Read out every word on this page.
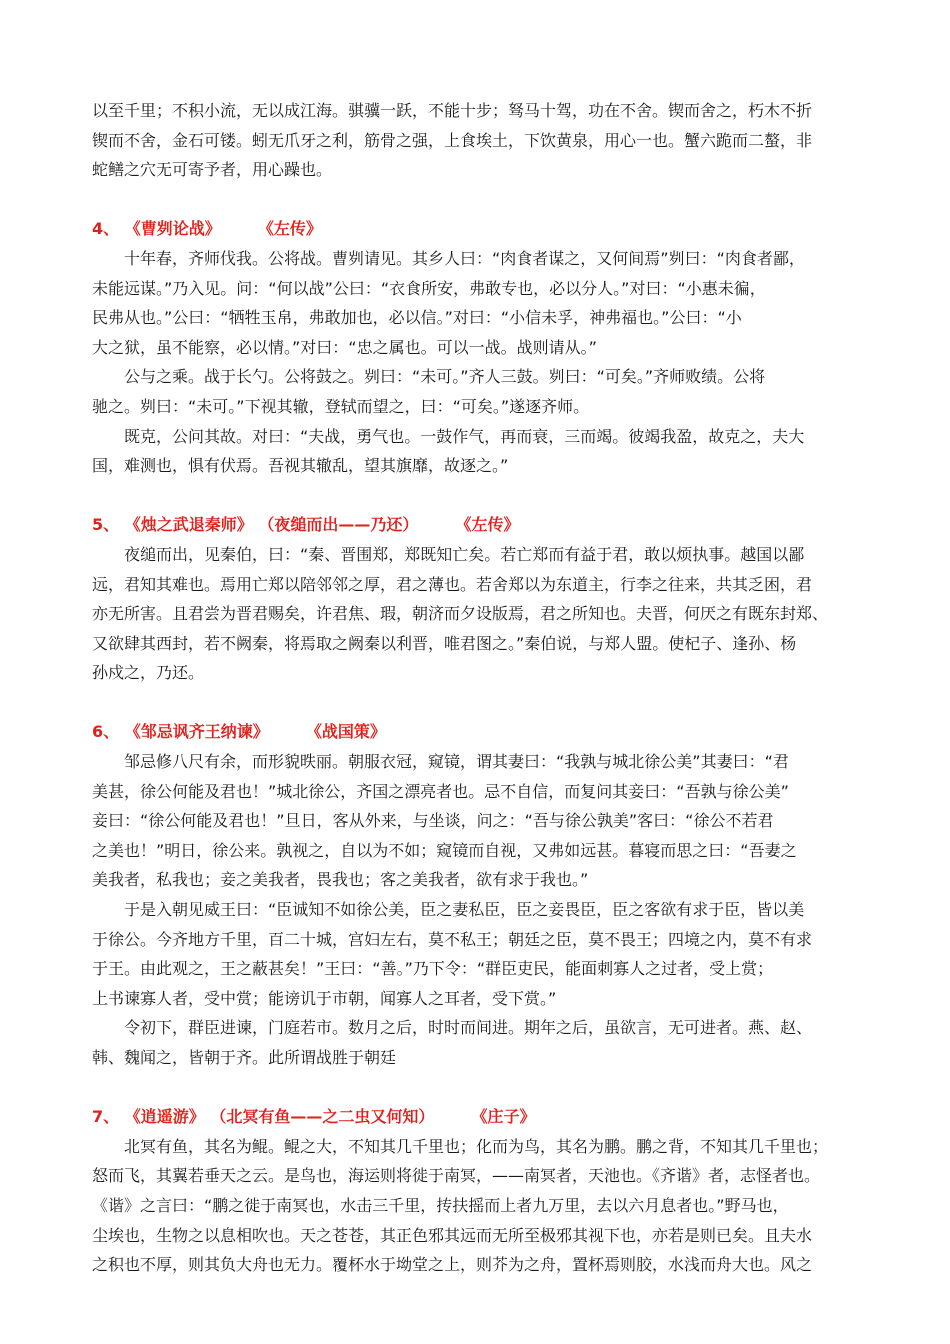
以至千里；不积小流，无以成江海。骐骥一跃，不能十步；驽马十驾，功在不舍。锲而舍之，朽木不折
锲而不舍，金石可镂。蚓无爪牙之利，筋骨之强，上食埃土，下饮黄泉，用心一也。蟹六跪而二螯，非
蛇鳝之穴无可寄予者，用心躁也。
4、 《曹刿论战》 《左传》
十年春，齐师伐我。公将战。曹刿请见。其乡人曰：“肉食者谋之，又何间焉”刿曰：“肉食者鄙，
未能远谋。”乃入见。问：“何以战”公曰：“衣食所安，弗敢专也，必以分人。”对曰：“小惠未徧，
民弗从也。”公曰：“牺牲玉帛，弗敢加也，必以信。”对曰：“小信未孚，神弗福也。”公曰：“小
大之狱，虽不能察，必以情。”对曰：“忠之属也。可以一战。战则请从。”
公与之乘。战于长勺。公将鼓之。刿曰：“未可。”齐人三鼓。刿曰：“可矣。”齐师败绩。公将
驰之。刿曰：“未可。”下视其辙，登轼而望之，曰：“可矣。”遂逐齐师。
既克，公问其故。对曰：“夫战，勇气也。一鼓作气，再而衰，三而竭。彼竭我盈，故克之，夫大
国，难测也，惧有伏焉。吾视其辙乱，望其旗靡，故逐之。”
5、 《烛之武退秦师》 （夜缒而出——乃还） 《左传》
夜缒而出，见秦伯，曰：“秦、晋围郑，郑既知亡矣。若亡郑而有益于君，敢以烦执事。越国以鄙
远，君知其难也。焉用亡郑以陪邻邻之厚，君之薄也。若舍郑以为东道主，行李之往来，共其乏困，君
亦无所害。且君尝为晋君赐矣，许君焦、瑕，朝济而夕设版焉，君之所知也。夫晋，何厌之有既东封郑、
又欲肆其西封，若不阙秦，将焉取之阙秦以利晋，唯君图之。”秦伯说，与郑人盟。使杞子、逢孙、杨
孙戍之，乃还。
6、 《邹忌讽齐王纳谏》 《战国策》
邹忌修八尺有余，而形貌昳丽。朝服衣冠，窥镜，谓其妻曰：“我孰与城北徐公美”其妻曰：“君
美甚，徐公何能及君也！”城北徐公，齐国之漂亮者也。忌不自信，而复问其妾曰：“吾孰与徐公美”
妾曰：“徐公何能及君也！”旦日，客从外来，与坐谈，问之：“吾与徐公孰美”客曰：“徐公不若君
之美也！”明日，徐公来。孰视之，自以为不如；窥镜而自视，又弗如远甚。暮寝而思之曰：“吾妻之
美我者，私我也；妾之美我者，畏我也；客之美我者，欲有求于我也。”
于是入朝见威王曰：“臣诚知不如徐公美，臣之妻私臣，臣之妾畏臣，臣之客欲有求于臣，皆以美
于徐公。今齐地方千里，百二十城，宫妇左右，莫不私王；朝廷之臣，莫不畏王；四境之内，莫不有求
于王。由此观之，王之蔽甚矣！”王曰：“善。”乃下令：“群臣吏民，能面刺寡人之过者，受上赏；
上书谏寡人者，受中赏；能谤讥于市朝，闻寡人之耳者，受下赏。”
令初下，群臣进谏，门庭若市。数月之后，时时而间进。期年之后，虽欲言，无可进者。燕、赵、
韩、魏闻之，皆朝于齐。此所谓战胜于朝廷
7、 《逍遥游》 （北冥有鱼——之二虫又何知） 《庄子》
北冥有鱼，其名为鲲。鲲之大，不知其几千里也；化而为鸟，其名为鹏。鹏之背，不知其几千里也；
怒而飞，其翼若垂天之云。是鸟也，海运则将徙于南冥，——南冥者，天池也。《齐谐》者，志怪者也。
《谐》之言曰：“鹏之徙于南冥也，水击三千里，抟扶摇而上者九万里，去以六月息者也。”野马也，
尘埃也，生物之以息相吹也。天之苍苍，其正色邪其远而无所至极邪其视下也，亦若是则已矣。且夫水
之积也不厚，则其负大舟也无力。覆杯水于坳堂之上，则芥为之舟，置杯焉则胶，水浅而舟大也。风之
